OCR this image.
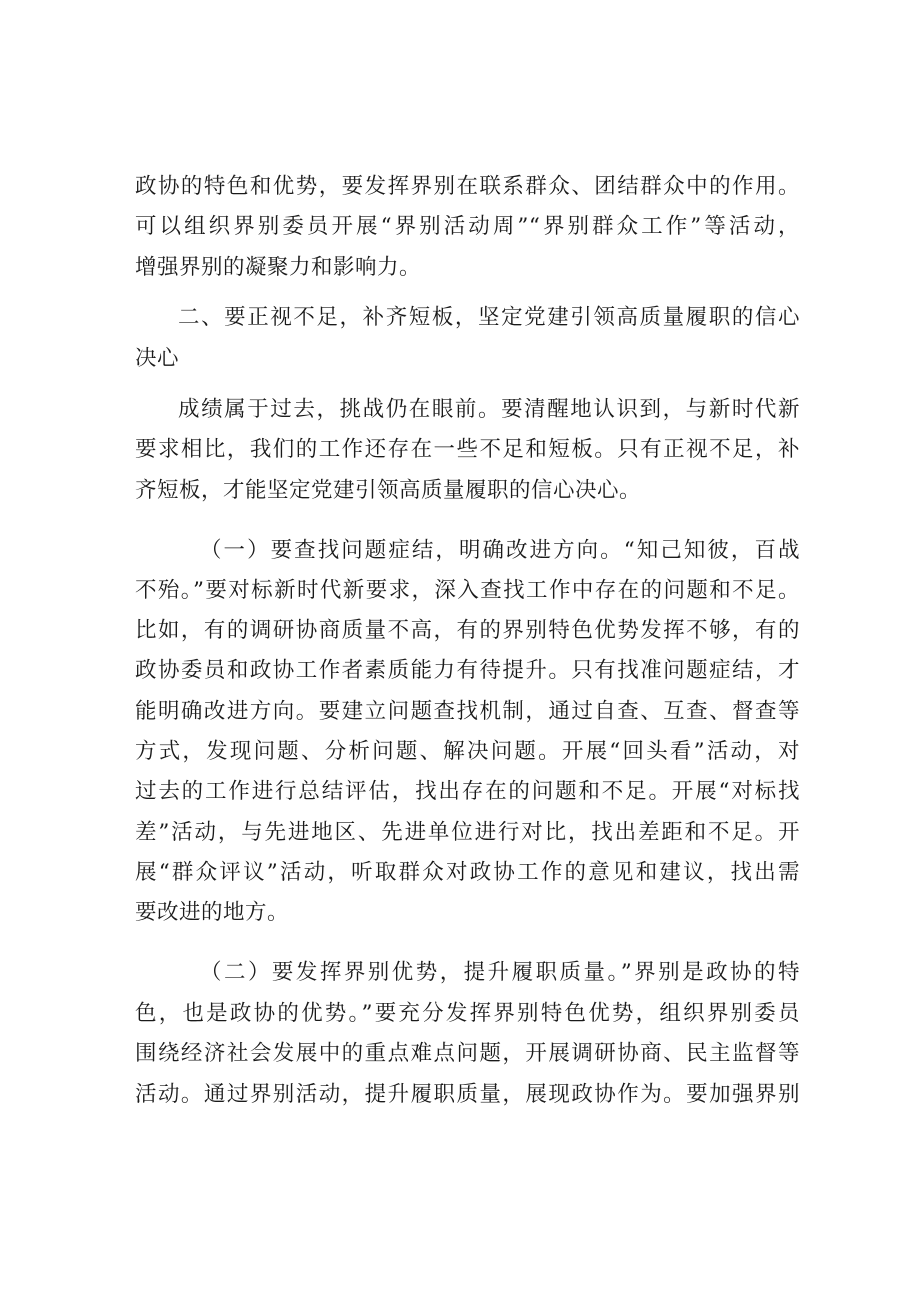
政协的特色和优势，要发挥界别在联系群众、团结群众中的作用。
可以组织界别委员开展“界别活动周”“界别群众工作”等活动，
增强界别的凝聚力和影响力。
二、要正视不足，补齐短板，坚定党建引领高质量履职的信心
决心
成绩属于过去，挑战仍在眼前。要清醒地认识到，与新时代新
要求相比，我们的工作还存在一些不足和短板。只有正视不足，补
齐短板，才能坚定党建引领高质量履职的信心决心。
（一）要查找问题症结，明确改进方向。“知己知彼，百战
不殆。”要对标新时代新要求，深入查找工作中存在的问题和不足。
比如，有的调研协商质量不高，有的界别特色优势发挥不够，有的
政协委员和政协工作者素质能力有待提升。只有找准问题症结，才
能明确改进方向。要建立问题查找机制，通过自查、互查、督查等
方式，发现问题、分析问题、解决问题。开展“回头看”活动，对
过去的工作进行总结评估，找出存在的问题和不足。开展“对标找
差”活动，与先进地区、先进单位进行对比，找出差距和不足。开
展“群众评议”活动，听取群众对政协工作的意见和建议，找出需
要改进的地方。
（二）要发挥界别优势，提升履职质量。”界别是政协的特
色，也是政协的优势。”要充分发挥界别特色优势，组织界别委员
围绕经济社会发展中的重点难点问题，开展调研协商、民主监督等
活动。通过界别活动，提升履职质量，展现政协作为。要加强界别
